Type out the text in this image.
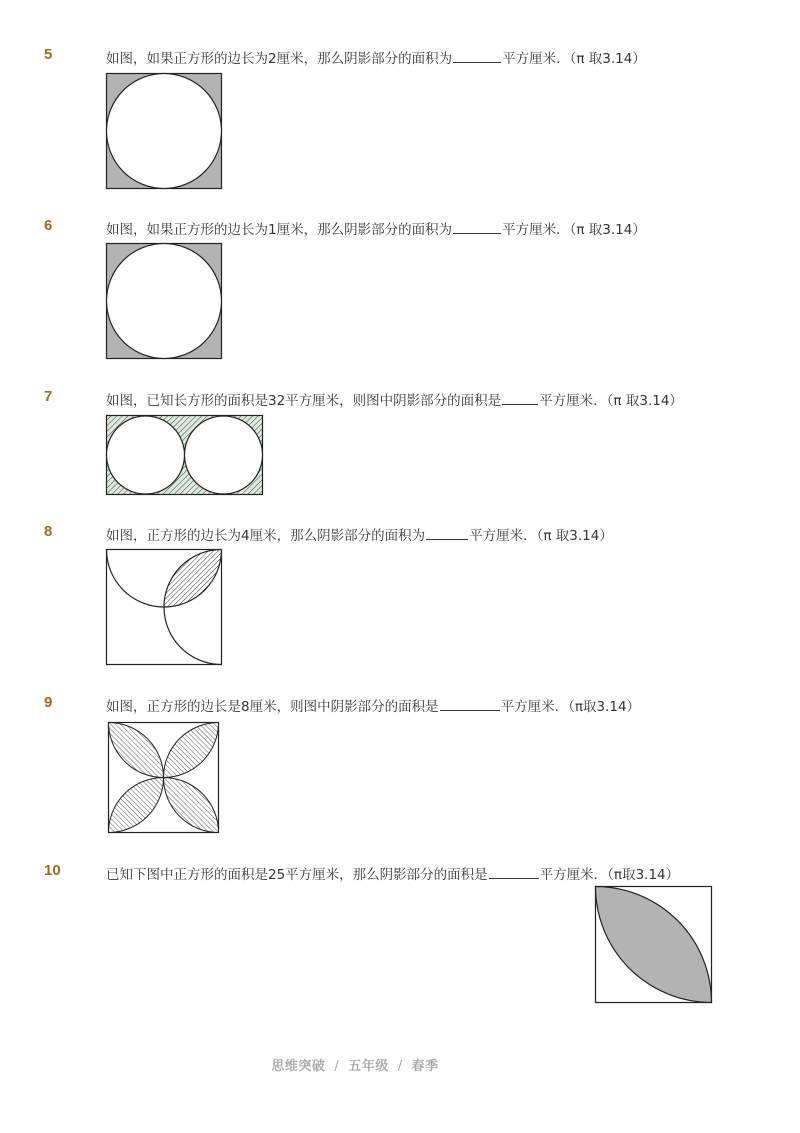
5	如图，如果正方形的边长为2厘米，那么阴影部分的面积为	平方厘米．（π 取3.14）
6	如图，如果正方形的边长为1厘米，那么阴影部分的面积为	平方厘米．（π 取3.14）
7	如图，已知长方形的面积是32平方厘米，则图中阴影部分的面积是	平方厘米．（π 取3.14）
8	如图，正方形的边长为4厘米，那么阴影部分的面积为	平方厘米．（π 取3.14）
9	如图，正方形的边长是8厘米，则图中阴影部分的面积是	平方厘米．（π取3.14）
10	已知下图中正方形的面积是25平方厘米，那么阴影部分的面积是	平方厘米．（π取3.14）
思维突破 / 五年级 / 春季
